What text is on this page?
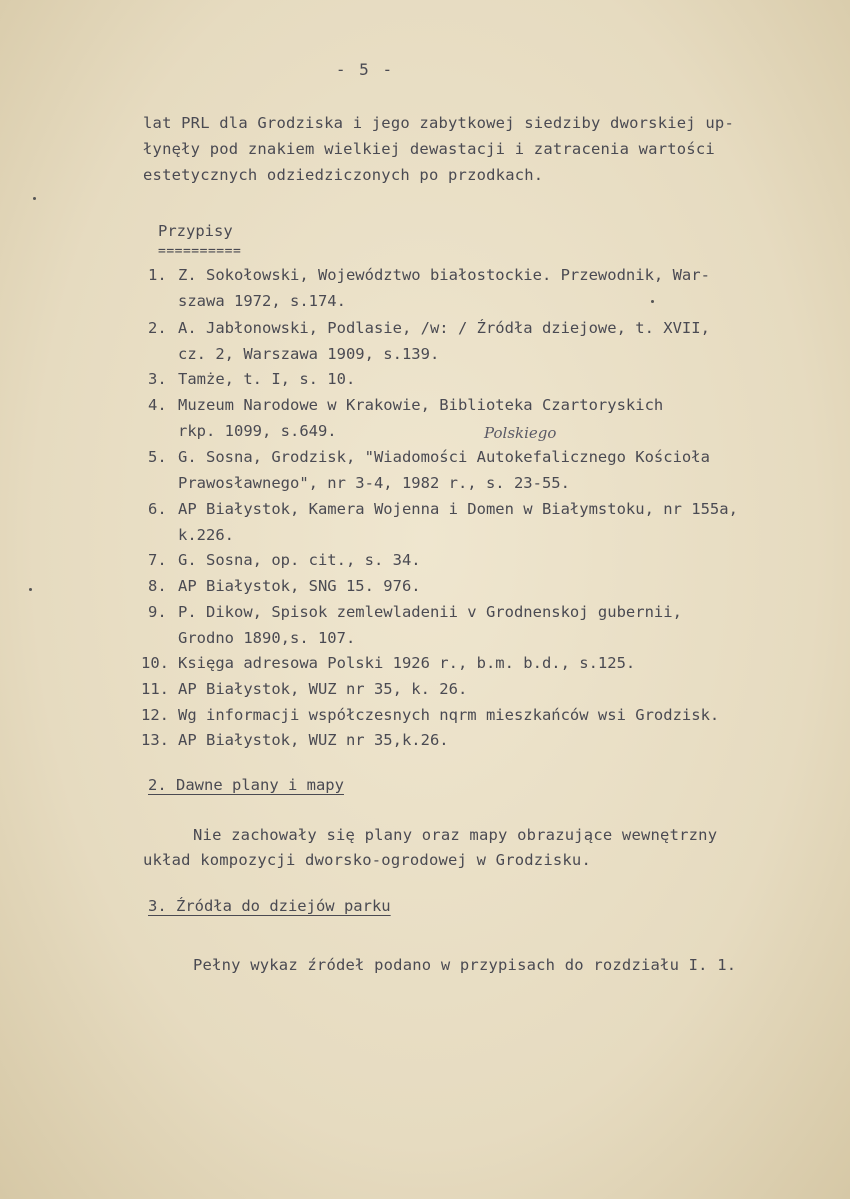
- 5 -
lat PRL dla Grodziska i jego zabytkowej siedziby dworskiej up-
łynęły pod znakiem wielkiej dewastacji i zatracenia wartości
estetycznych odziedziczonych po przodkach.
Przypisy
==========
1. Z. Sokołowski, Województwo białostockie. Przewodnik, War-
szawa 1972, s.174.
2. A. Jabłonowski, Podlasie, /w: / Źródła dziejowe, t. XVII,
cz. 2, Warszawa 1909, s.139.
3. Tamże, t. I, s. 10.
4. Muzeum Narodowe w Krakowie, Biblioteka Czartoryskich
rkp. 1099, s.649.	Polskiego
5. G. Sosna, Grodzisk, "Wiadomości Autokefalicznego Kościoła
Prawosławnego", nr 3-4, 1982 r., s. 23-55.
6. AP Białystok, Kamera Wojenna i Domen w Białymstoku, nr 155a,
k.226.
7. G. Sosna, op. cit., s. 34.
8. AP Białystok, SNG 15. 976.
9. P. Dikow, Spisok zemlewladenii v Grodnenskoj gubernii,
Grodno 1890,s. 107.
10. Księga adresowa Polski 1926 r., b.m. b.d., s.125.
11. AP Białystok, WUZ nr 35, k. 26.
12. Wg informacji współczesnych nqrm mieszkańców wsi Grodzisk.
13. AP Białystok, WUZ nr 35,k.26.
2. Dawne plany i mapy
Nie zachowały się plany oraz mapy obrazujące wewnętrzny
układ kompozycji dworsko-ogrodowej w Grodzisku.
3. Źródła do dziejów parku
Pełny wykaz źródeł podano w przypisach do rozdziału I. 1.
